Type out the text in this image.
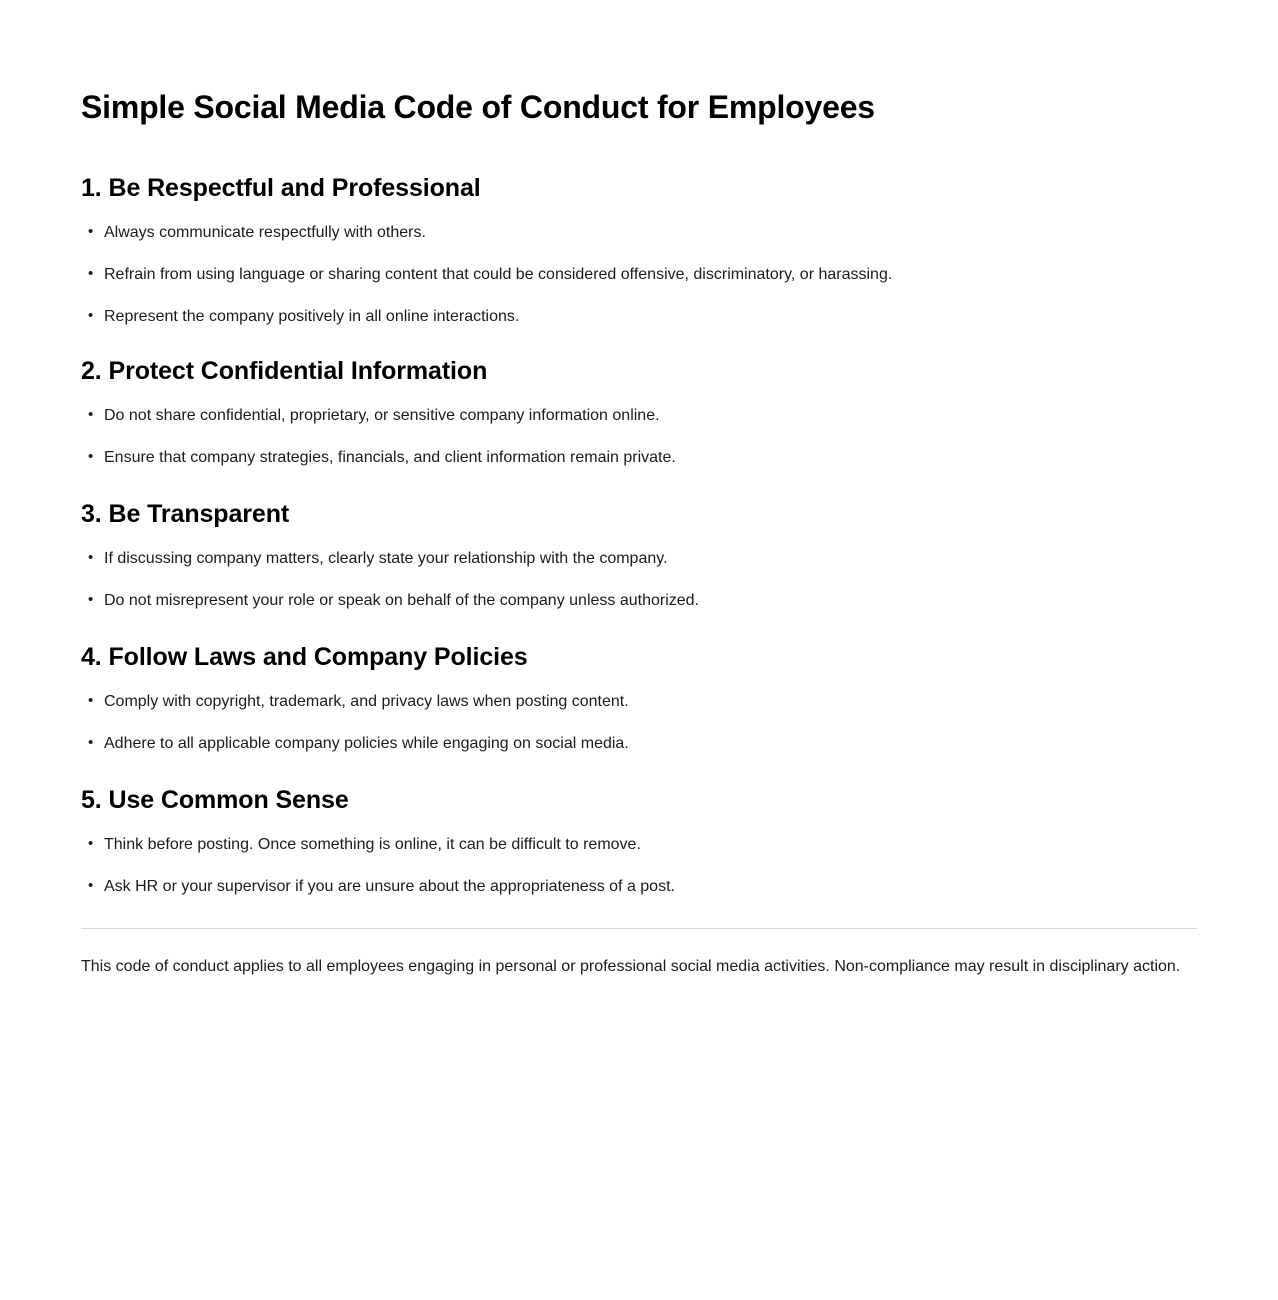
Simple Social Media Code of Conduct for Employees
1. Be Respectful and Professional
• Always communicate respectfully with others.
• Refrain from using language or sharing content that could be considered offensive, discriminatory, or harassing.
• Represent the company positively in all online interactions.
2. Protect Confidential Information
• Do not share confidential, proprietary, or sensitive company information online.
• Ensure that company strategies, financials, and client information remain private.
3. Be Transparent
• If discussing company matters, clearly state your relationship with the company.
• Do not misrepresent your role or speak on behalf of the company unless authorized.
4. Follow Laws and Company Policies
• Comply with copyright, trademark, and privacy laws when posting content.
• Adhere to all applicable company policies while engaging on social media.
5. Use Common Sense
• Think before posting. Once something is online, it can be difficult to remove.
• Ask HR or your supervisor if you are unsure about the appropriateness of a post.

This code of conduct applies to all employees engaging in personal or professional social media activities. Non-compliance may result in disciplinary action.
